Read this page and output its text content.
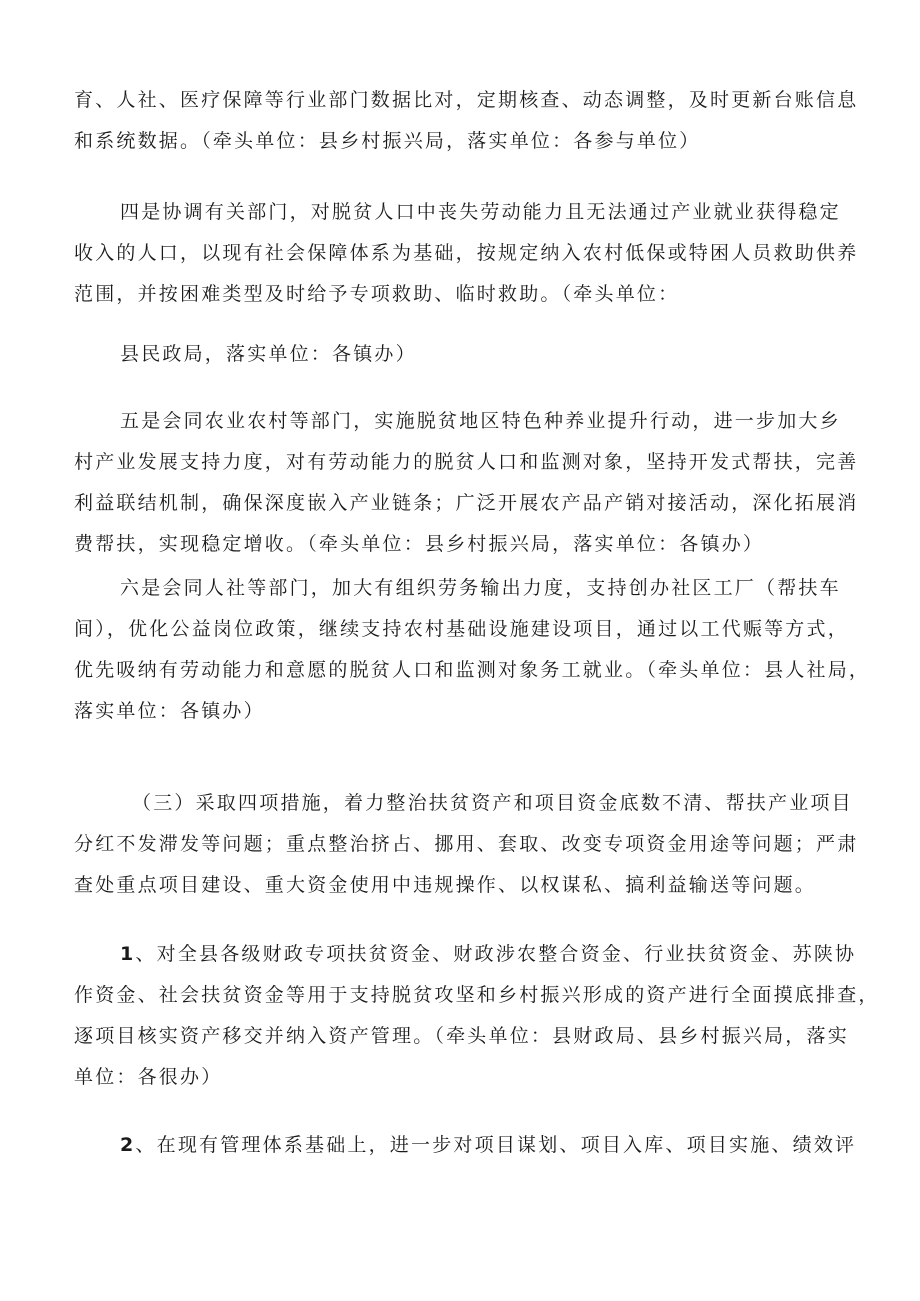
育、人社、医疗保障等行业部门数据比对，定期核查、动态调整，及时更新台账信息
和系统数据。（牵头单位：县乡村振兴局，落实单位：各参与单位）

四是协调有关部门，对脱贫人口中丧失劳动能力且无法通过产业就业获得稳定
收入的人口，以现有社会保障体系为基础，按规定纳入农村低保或特困人员救助供养
范围，并按困难类型及时给予专项救助、临时救助。（牵头单位：

县民政局，落实单位：各镇办）

五是会同农业农村等部门，实施脱贫地区特色种养业提升行动，进一步加大乡
村产业发展支持力度，对有劳动能力的脱贫人口和监测对象，坚持开发式帮扶，完善
利益联结机制，确保深度嵌入产业链条；广泛开展农产品产销对接活动，深化拓展消
费帮扶，实现稳定增收。（牵头单位：县乡村振兴局，落实单位：各镇办）

六是会同人社等部门，加大有组织劳务输出力度，支持创办社区工厂（帮扶车
间），优化公益岗位政策，继续支持农村基础设施建设项目，通过以工代赈等方式，
优先吸纳有劳动能力和意愿的脱贫人口和监测对象务工就业。（牵头单位：县人社局，
落实单位：各镇办）

（三）采取四项措施，着力整治扶贫资产和项目资金底数不清、帮扶产业项目
分红不发滞发等问题；重点整治挤占、挪用、套取、改变专项资金用途等问题；严肃
查处重点项目建设、重大资金使用中违规操作、以权谋私、搞利益输送等问题。

1、对全县各级财政专项扶贫资金、财政涉农整合资金、行业扶贫资金、苏陕协
作资金、社会扶贫资金等用于支持脱贫攻坚和乡村振兴形成的资产进行全面摸底排查，
逐项目核实资产移交并纳入资产管理。（牵头单位：县财政局、县乡村振兴局，落实
单位：各很办）

2、在现有管理体系基础上，进一步对项目谋划、项目入库、项目实施、绩效评
